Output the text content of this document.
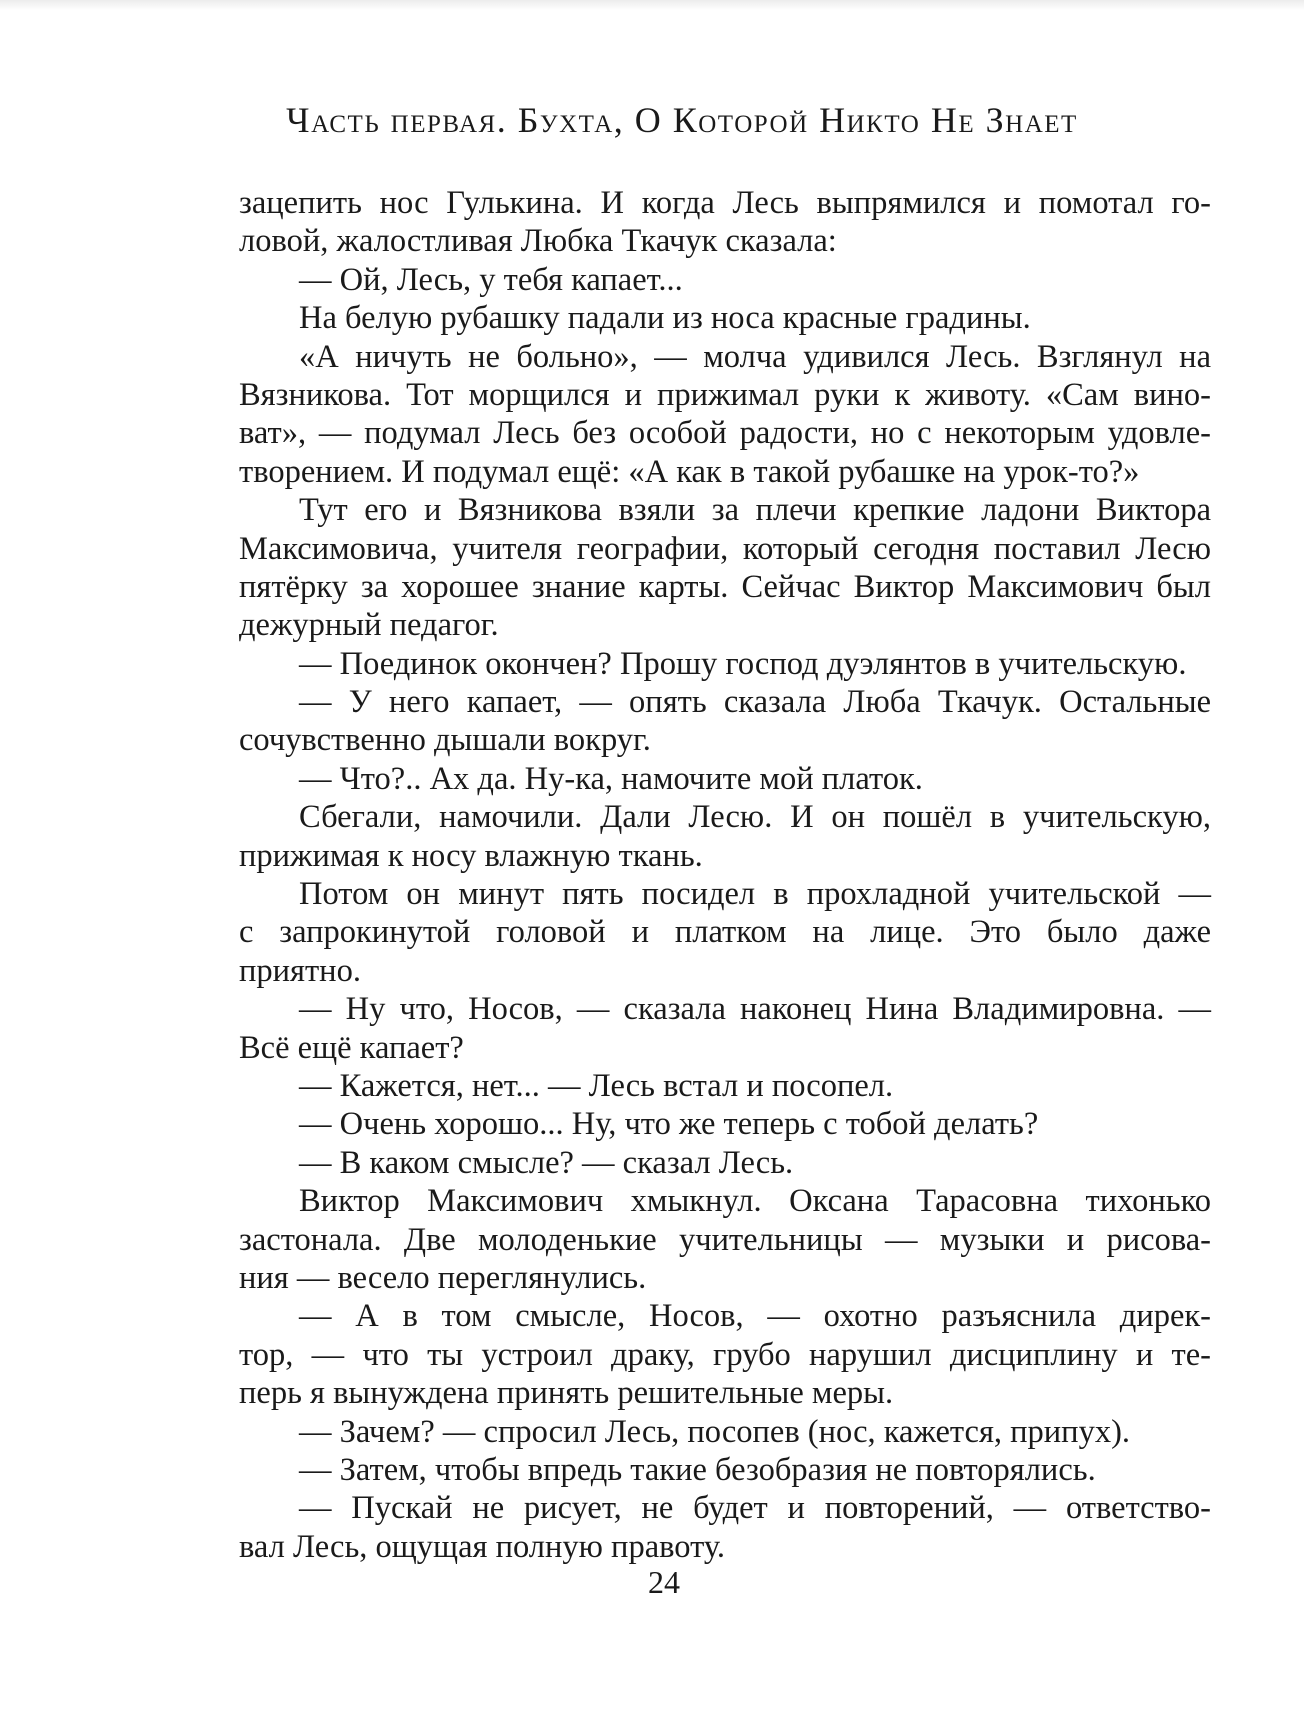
Часть первая. Бухта, О Которой Никто Не Знает
зацепить нос Гулькина. И когда Лесь выпрямился и помотал го-
ловой, жалостливая Любка Ткачук сказала:
— Ой, Лесь, у тебя капает...
На белую рубашку падали из носа красные градины.
«А ничуть не больно», — молча удивился Лесь. Взглянул на
Вязникова. Тот морщился и прижимал руки к животу. «Сам вино-
ват», — подумал Лесь без особой радости, но с некоторым удовле-
творением. И подумал ещё: «А как в такой рубашке на урок-то?»
Тут его и Вязникова взяли за плечи крепкие ладони Виктора
Максимовича, учителя географии, который сегодня поставил Лесю
пятёрку за хорошее знание карты. Сейчас Виктор Максимович был
дежурный педагог.
— Поединок окончен? Прошу господ дуэлянтов в учительскую.
— У него капает, — опять сказала Люба Ткачук. Остальные
сочувственно дышали вокруг.
— Что?.. Ах да. Ну-ка, намочите мой платок.
Сбегали, намочили. Дали Лесю. И он пошёл в учительскую,
прижимая к носу влажную ткань.
Потом он минут пять посидел в прохладной учительской —
с запрокинутой головой и платком на лице. Это было даже
приятно.
— Ну что, Носов, — сказала наконец Нина Владимировна. —
Всё ещё капает?
— Кажется, нет... — Лесь встал и посопел.
— Очень хорошо... Ну, что же теперь с тобой делать?
— В каком смысле? — сказал Лесь.
Виктор Максимович хмыкнул. Оксана Тарасовна тихонько
застонала. Две молоденькие учительницы — музыки и рисова-
ния — весело переглянулись.
— А в том смысле, Носов, — охотно разъяснила дирек-
тор, — что ты устроил драку, грубо нарушил дисциплину и те-
перь я вынуждена принять решительные меры.
— Зачем? — спросил Лесь, посопев (нос, кажется, припух).
— Затем, чтобы впредь такие безобразия не повторялись.
— Пускай не рисует, не будет и повторений, — ответство-
вал Лесь, ощущая полную правоту.
24
